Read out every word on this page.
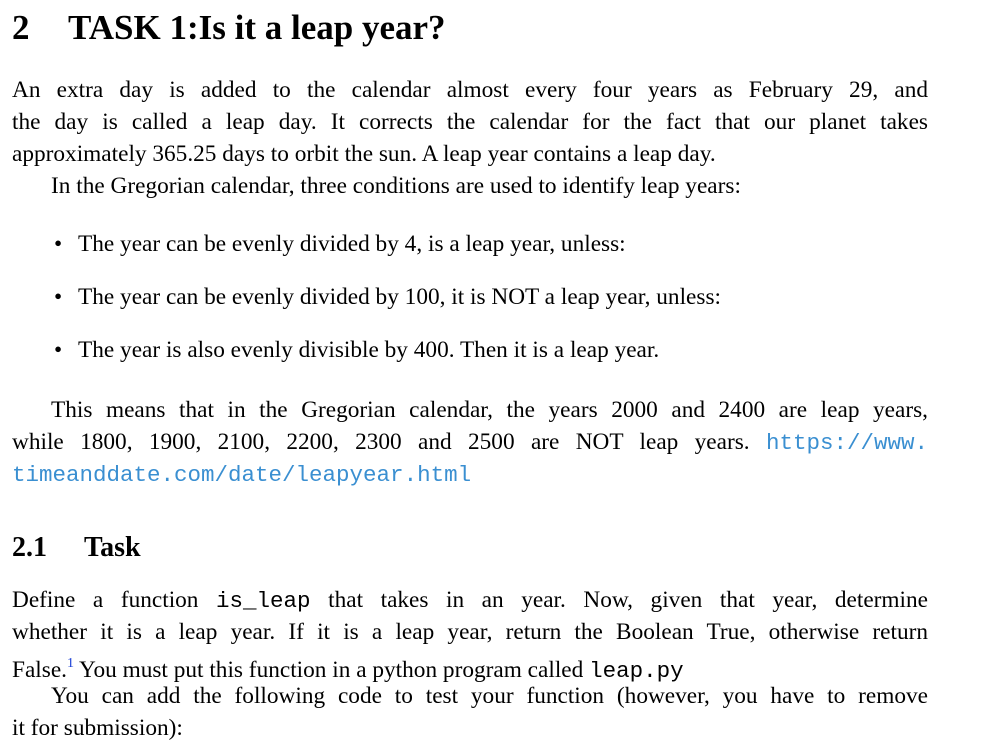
2 TASK 1:Is it a leap year?
An extra day is added to the calendar almost every four years as February 29, and
the day is called a leap day. It corrects the calendar for the fact that our planet takes
approximately 365.25 days to orbit the sun. A leap year contains a leap day.
In the Gregorian calendar, three conditions are used to identify leap years:
• The year can be evenly divided by 4, is a leap year, unless:
• The year can be evenly divided by 100, it is NOT a leap year, unless:
• The year is also evenly divisible by 400. Then it is a leap year.
This means that in the Gregorian calendar, the years 2000 and 2400 are leap years,
while 1800, 1900, 2100, 2200, 2300 and 2500 are NOT leap years. https://www.
timeanddate.com/date/leapyear.html
2.1 Task
Define a function is_leap that takes in an year. Now, given that year, determine
whether it is a leap year. If it is a leap year, return the Boolean True, otherwise return
False.$^1$ You must put this function in a python program called leap.py
You can add the following code to test your function (however, you have to remove
it for submission):
